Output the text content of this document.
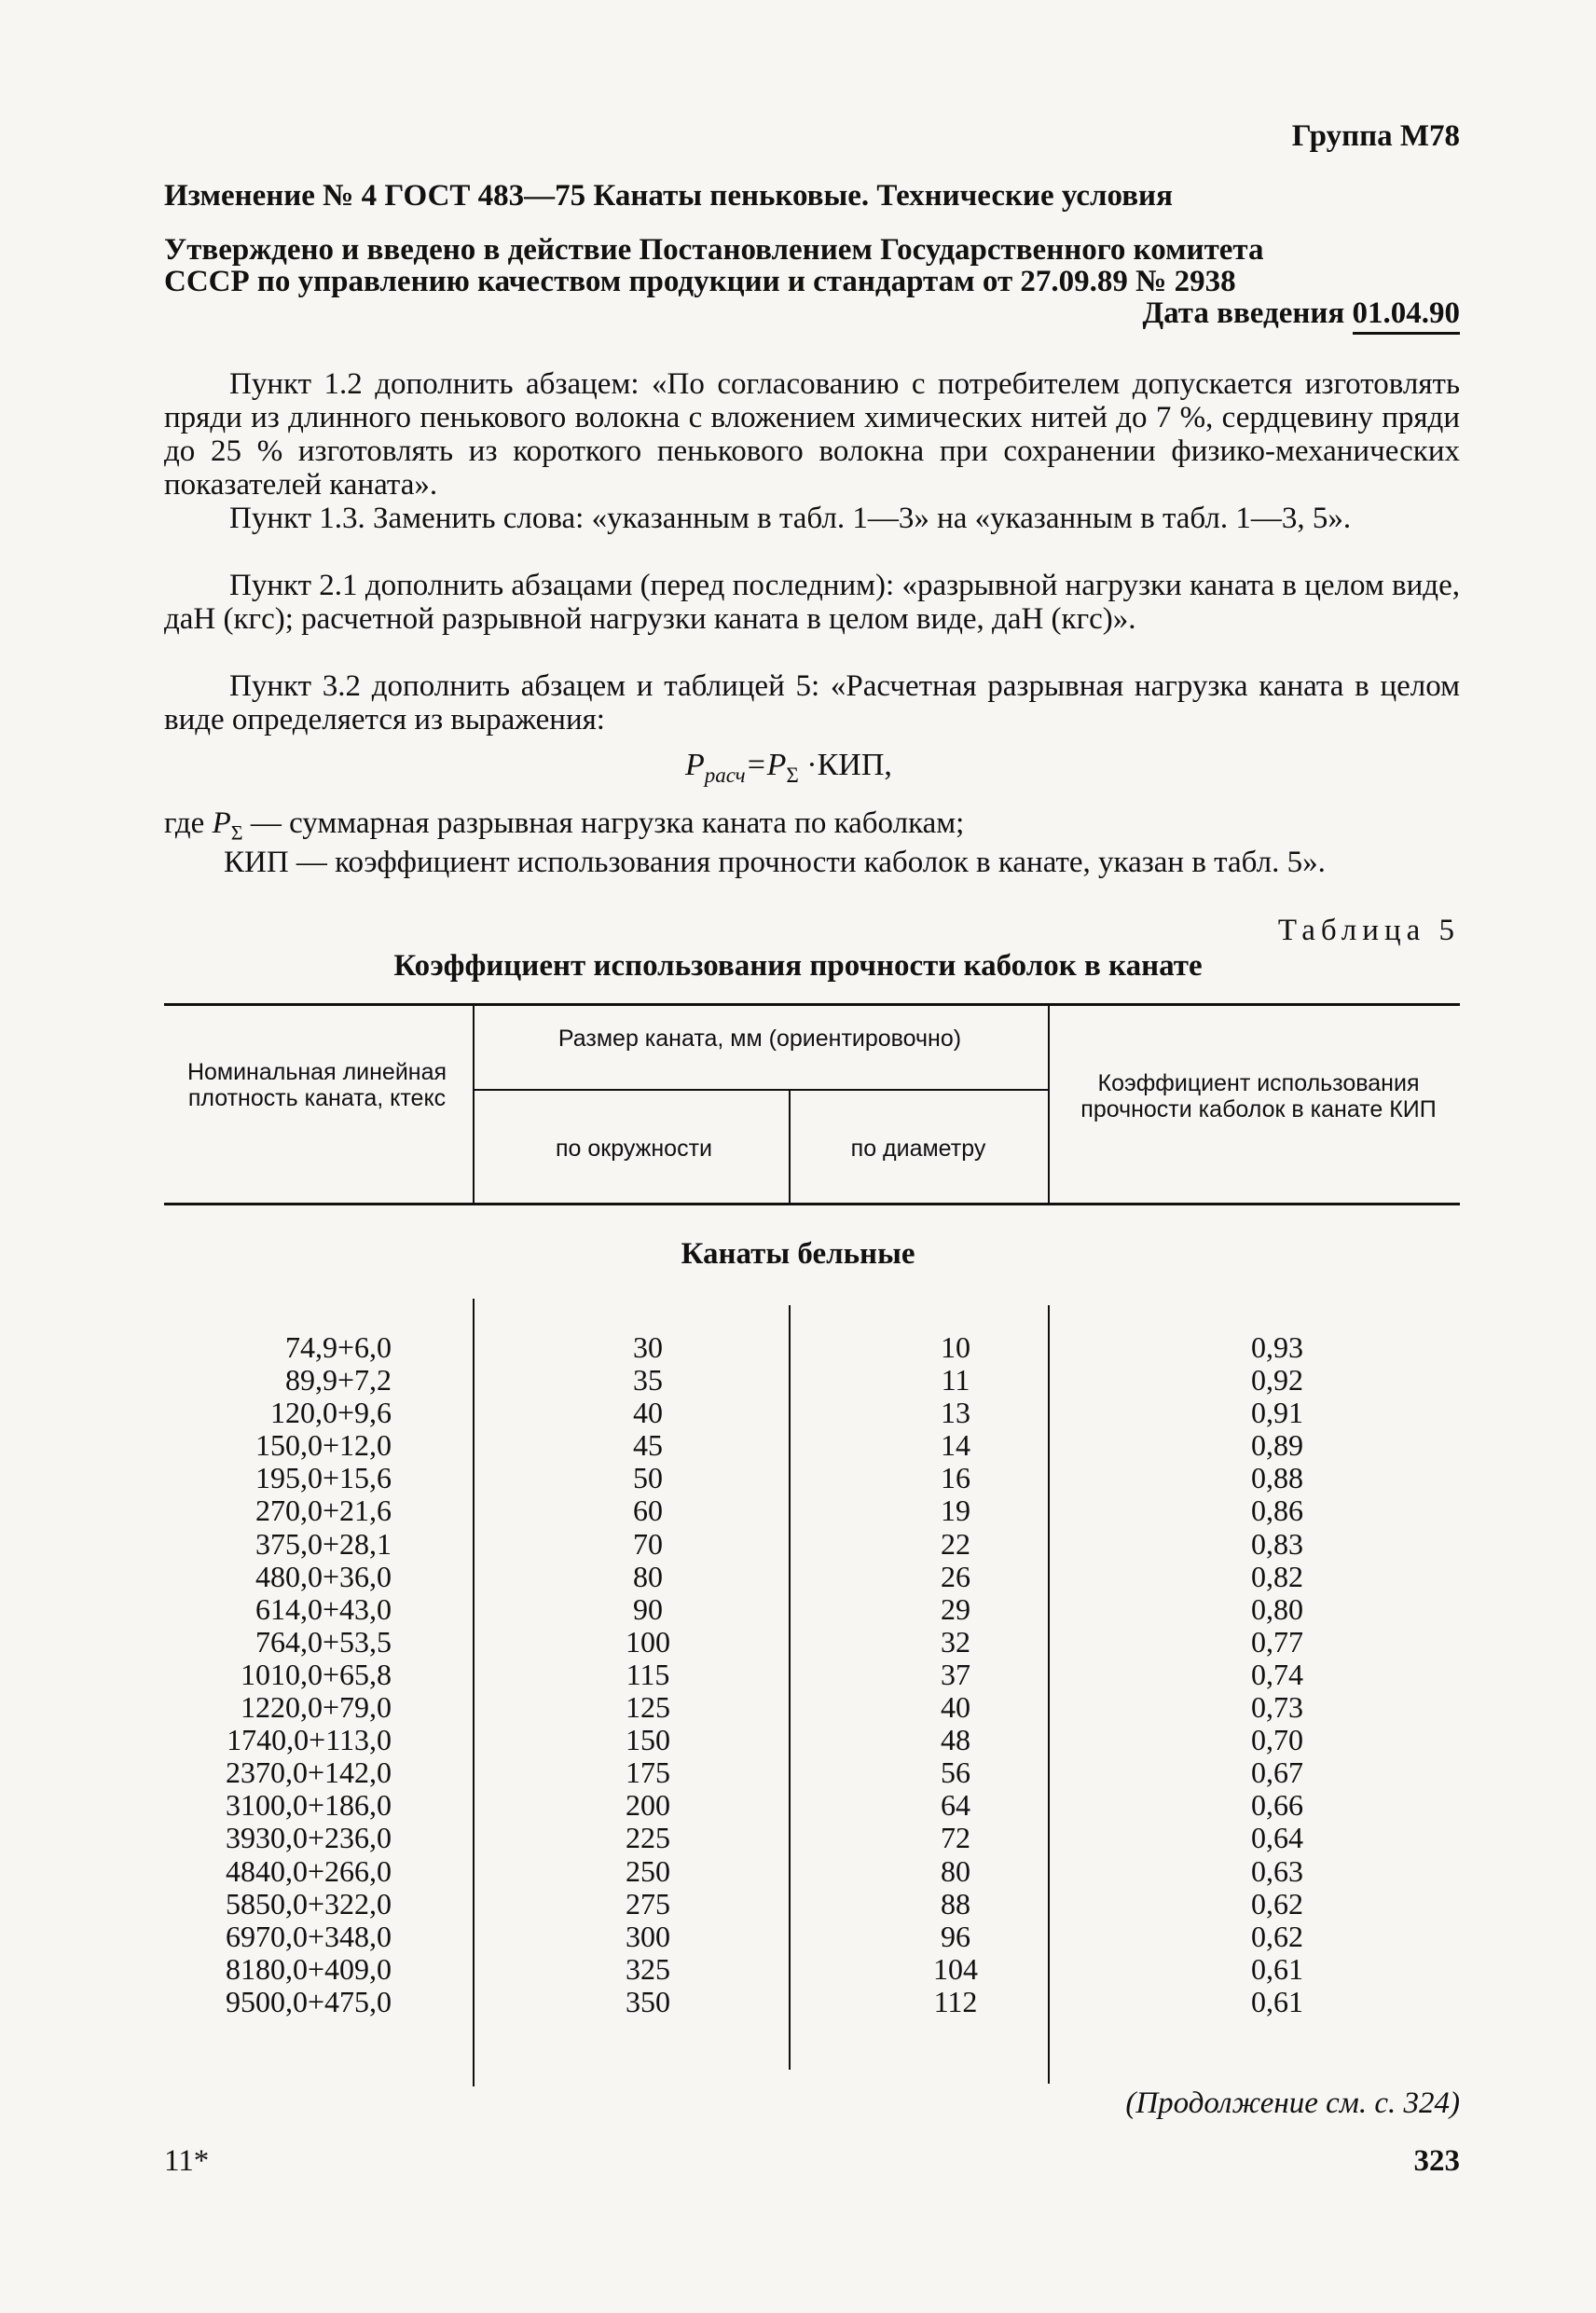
Группа М78
Изменение № 4 ГОСТ 483—75 Канаты пеньковые. Технические условия
Утверждено и введено в действие Постановлением Государственного комитета
СССР по управлению качеством продукции и стандартам от 27.09.89 № 2938
Дата введения 01.04.90
Пункт 1.2 дополнить абзацем: «По согласованию с потребителем допускается изготовлять пряди из длинного пенькового волокна с вложением химических нитей до 7 %, сердцевину пряди до 25 % изготовлять из короткого пенькового волокна при сохранении физико-механических показателей каната».
Пункт 1.3. Заменить слова: «указанным в табл. 1—3» на «указанным в табл. 1—3, 5».
Пункт 2.1 дополнить абзацами (перед последним): «разрывной нагрузки каната в целом виде, даН (кгс); расчетной разрывной нагрузки каната в целом виде, даН (кгс)».
Пункт 3.2 дополнить абзацем и таблицей 5: «Расчетная разрывная нагрузка каната в целом виде определяется из выражения:
$P_{расч}=P_\Sigma \cdot КИП$,
где $P_\Sigma$ — суммарная разрывная нагрузка каната по каболкам;
КИП — коэффициент использования прочности каболок в канате, указан в табл. 5».
Таблица 5
Коэффициент использования прочности каболок в канате
Номинальная линейная плотность каната, ктекс
Размер каната, мм (ориентировочно)
по окружности	по диаметру
Коэффициент использования прочности каболок в канате КИП
Канаты бельные
74,9+6,0
89,9+7,2
120,0+9,6
150,0+12,0
195,0+15,6
270,0+21,6
375,0+28,1
480,0+36,0
614,0+43,0
764,0+53,5
1010,0+65,8
1220,0+79,0
1740,0+113,0
2370,0+142,0
3100,0+186,0
3930,0+236,0
4840,0+266,0
5850,0+322,0
6970,0+348,0
8180,0+409,0
9500,0+475,0
30
35
40
45
50
60
70
80
90
100
115
125
150
175
200
225
250
275
300
325
350
10
11
13
14
16
19
22
26
29
32
37
40
48
56
64
72
80
88
96
104
112
0,93
0,92
0,91
0,89
0,88
0,86
0,83
0,82
0,80
0,77
0,74
0,73
0,70
0,67
0,66
0,64
0,63
0,62
0,62
0,61
0,61
(Продолжение см. с. 324)
11*	323
